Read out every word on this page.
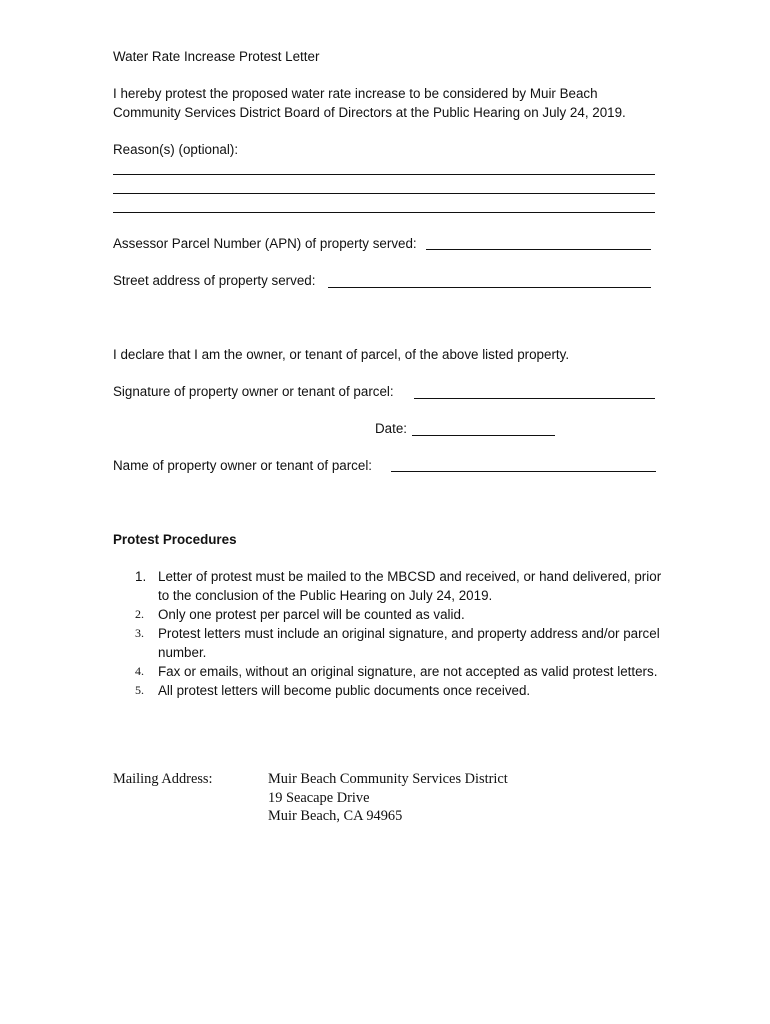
Water Rate Increase Protest Letter

I hereby protest the proposed water rate increase to be considered by Muir Beach

Community Services District Board of Directors at the Public Hearing on July 24, 2019.

Reason(s) (optional):

Assessor Parcel Number (APN) of property served:

Street address of property served:

I declare that I am the owner, or tenant of parcel, of the above listed property.

Signature of property owner or tenant of parcel:

Date:

Name of property owner or tenant of parcel:

Protest Procedures

1. Letter of protest must be mailed to the MBCSD and received, or hand delivered, prior to the conclusion of the Public Hearing on July 24, 2019.
2. Only one protest per parcel will be counted as valid.
3. Protest letters must include an original signature, and property address and/or parcel number.
4. Fax or emails, without an original signature, are not accepted as valid protest letters.
5. All protest letters will become public documents once received.

Mailing Address:	Muir Beach Community Services District
19 Seacape Drive
Muir Beach, CA 94965
